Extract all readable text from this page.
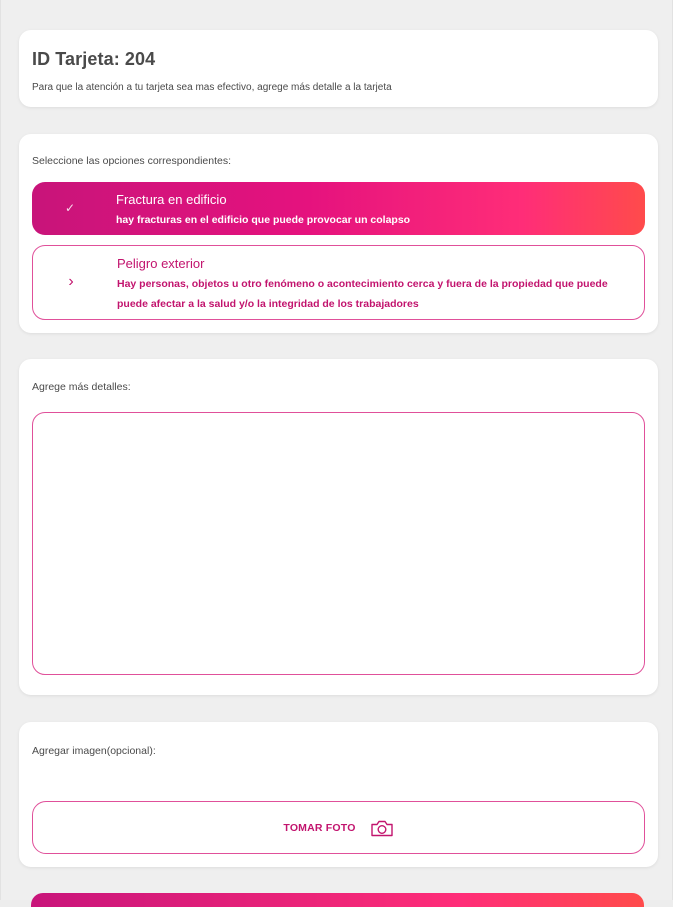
ID Tarjeta: 204

Para que la atención a tu tarjeta sea mas efectivo, agrege más detalle a la tarjeta

Seleccione las opciones correspondientes:

✓

Fractura en edificio

hay fracturas en el edificio que puede provocar un colapso

›

Peligro exterior

Hay personas, objetos u otro fenómeno o acontecimiento cerca y fuera de la propiedad que puede puede afectar a la salud y/o la integridad de los trabajadores

Agrege más detalles:

Agregar imagen(opcional):

TOMAR FOTO
